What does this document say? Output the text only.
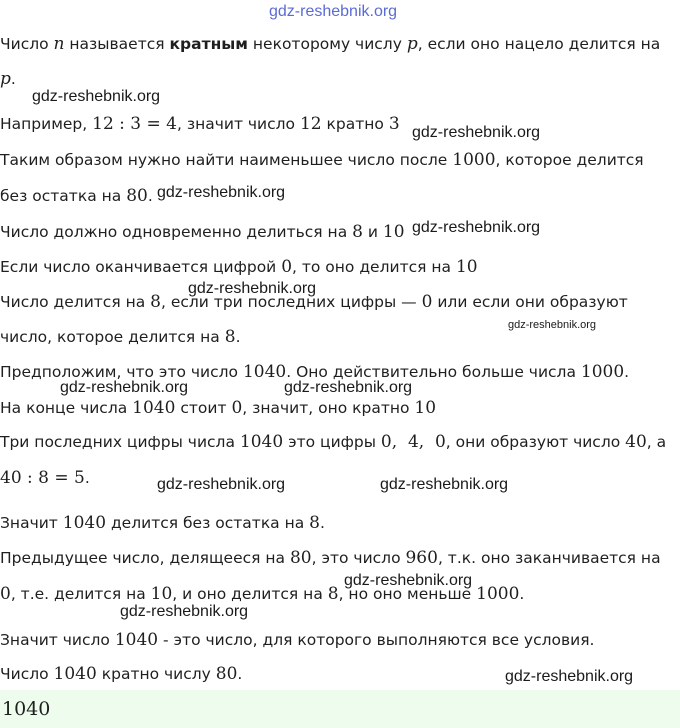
gdz-reshebnik.org
Число n называется кратным некоторому числу p, если оно нацело делится на
p.
gdz-reshebnik.org
Например, 12 : 3 = 4, значит число 12 кратно 3 gdz-reshebnik.org
Таким образом нужно найти наименьшее число после 1000, которое делится
без остатка на 80. gdz-reshebnik.org
Число должно одновременно делиться на 8 и 10 gdz-reshebnik.org
Если число оканчивается цифрой 0, то оно делится на 10
Число делится на 8, если три последних цифры — 0 или если они образуют
gdz-reshebnik.org
число, которое делится на 8.
gdz-reshebnik.org
Предположим, что это число 1040. Оно действительно больше числа 1000.
gdz-reshebnik.org	gdz-reshebnik.org
На конце числа 1040 стоит 0, значит, оно кратно 10
Три последних цифры числа 1040 это цифры 0,  4,  0, они образуют число 40, а
40 : 8 = 5.	gdz-reshebnik.org	gdz-reshebnik.org
Значит 1040 делится без остатка на 8.
Предыдущее число, делящееся на 80, это число 960, т.к. оно заканчивается на
gdz-reshebnik.org
0, т.е. делится на 10, и оно делится на 8, но оно меньше 1000.
gdz-reshebnik.org
Значит число 1040 - это число, для которого выполняются все условия.
Число 1040 кратно числу 80.	gdz-reshebnik.org
1040
